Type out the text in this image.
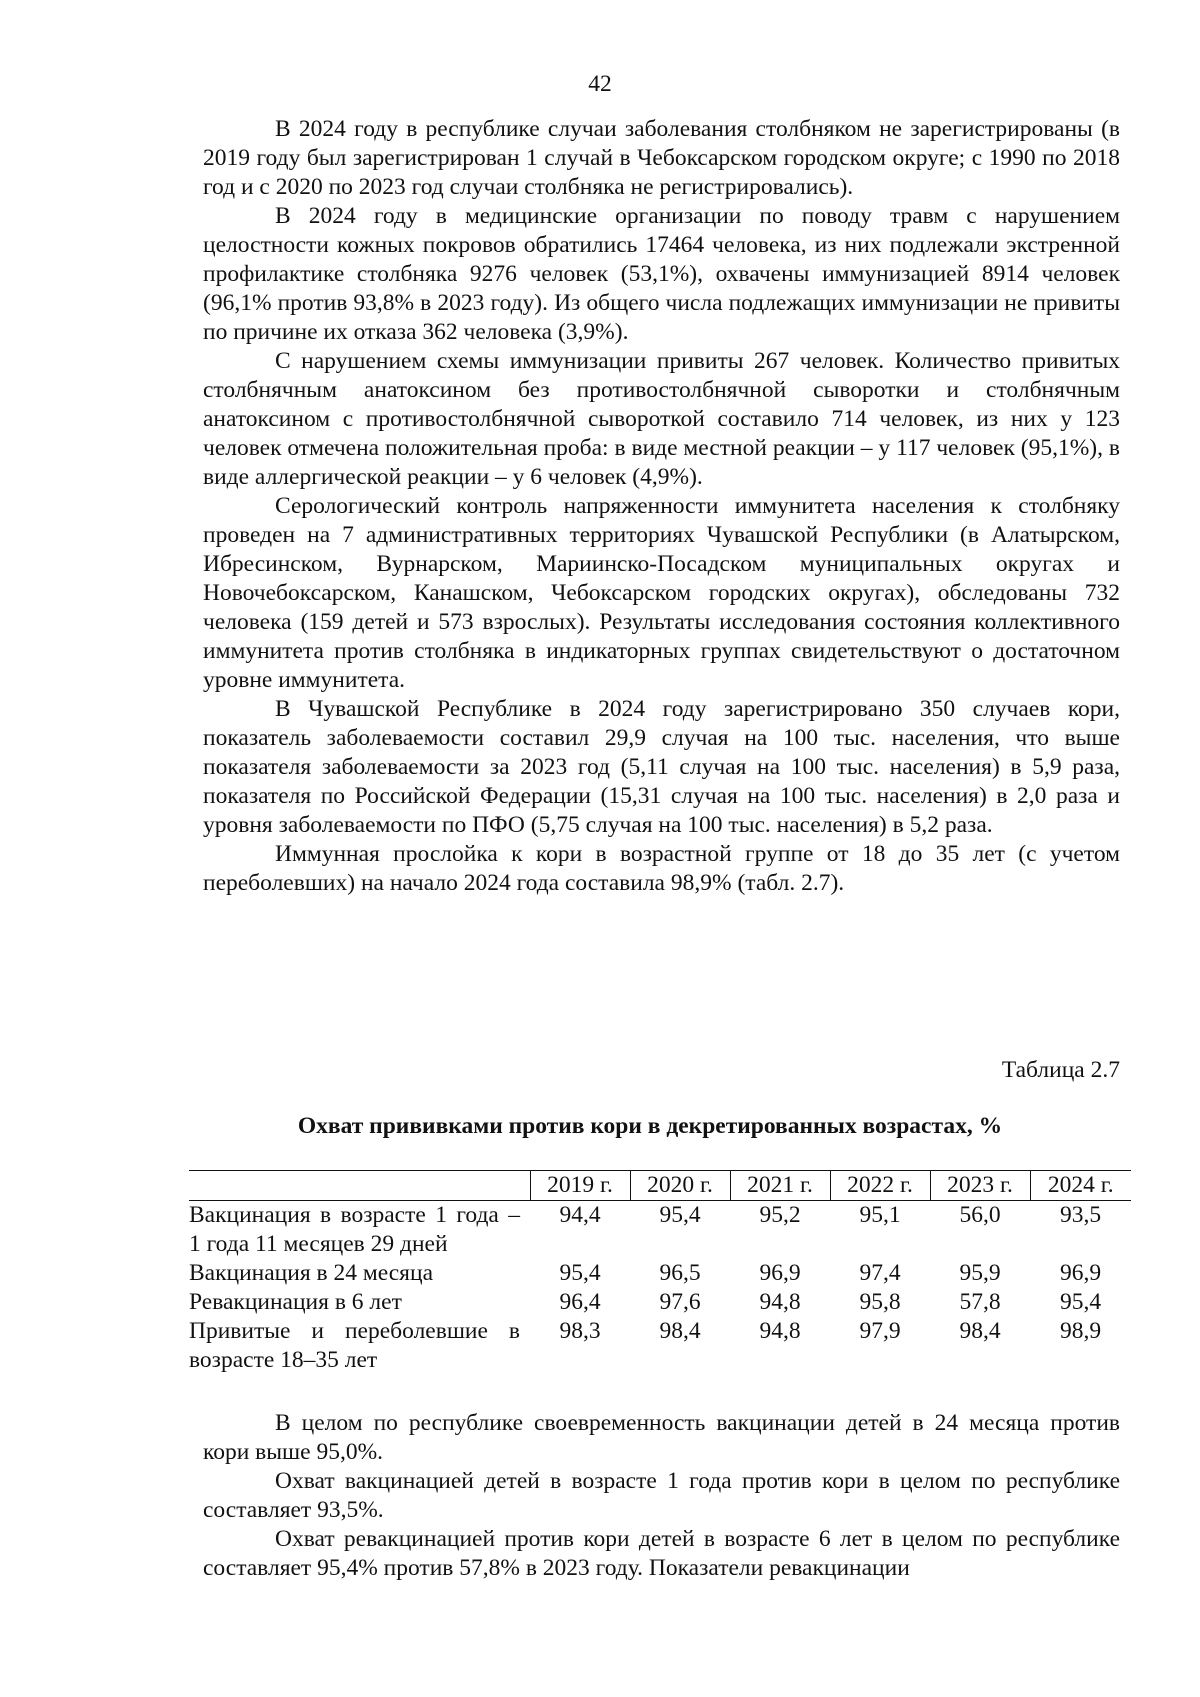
42

В 2024 году в республике случаи заболевания столбняком не зарегистрированы (в 2019 году был зарегистрирован 1 случай в Чебоксарском городском округе; с 1990 по 2018 год и с 2020 по 2023 год случаи столбняка не регистрировались).

В 2024 году в медицинские организации по поводу травм с нарушением целостности кожных покровов обратились 17464 человека, из них подлежали экстренной профилактике столбняка 9276 человек (53,1%), охвачены иммунизацией 8914 человек (96,1% против 93,8% в 2023 году). Из общего числа подлежащих иммунизации не привиты по причине их отказа 362 человека (3,9%).

С нарушением схемы иммунизации привиты 267 человек. Количество привитых столбнячным анатоксином без противостолбнячной сыворотки и столбнячным анатоксином с противостолбнячной сывороткой составило 714 человек, из них у 123 человек отмечена положительная проба: в виде местной реакции – у 117 человек (95,1%), в виде аллергической реакции – у 6 человек (4,9%).

Серологический контроль напряженности иммунитета населения к столбняку проведен на 7 административных территориях Чувашской Республики (в Алатырском, Ибресинском, Вурнарском, Мариинско-Посадском муниципальных округах и Новочебоксарском, Канашском, Чебоксарском городских округах), обследованы 732 человека (159 детей и 573 взрослых). Результаты исследования состояния коллективного иммунитета против столбняка в индикаторных группах свидетельствуют о достаточном уровне иммунитета.

В Чувашской Республике в 2024 году зарегистрировано 350 случаев кори, показатель заболеваемости составил 29,9 случая на 100 тыс. населения, что выше показателя заболеваемости за 2023 год (5,11 случая на 100 тыс. населения) в 5,9 раза, показателя по Российской Федерации (15,31 случая на 100 тыс. населения) в 2,0 раза и уровня заболеваемости по ПФО (5,75 случая на 100 тыс. населения) в 5,2 раза.

Иммунная прослойка к кори в возрастной группе от 18 до 35 лет (с учетом переболевших) на начало 2024 года составила 98,9% (табл. 2.7).

Таблица 2.7
Охват прививками против кори в декретированных возрастах, %
	2019 г.	2020 г.	2021 г.	2022 г.	2023 г.	2024 г.
Вакцинация в возрасте 1 года – 1 года 11 месяцев 29 дней	94,4	95,4	95,2	95,1	56,0	93,5
Вакцинация в 24 месяца	95,4	96,5	96,9	97,4	95,9	96,9
Ревакцинация в 6 лет	96,4	97,6	94,8	95,8	57,8	95,4
Привитые и переболевшие в возрасте 18–35 лет	98,3	98,4	94,8	97,9	98,4	98,9

В целом по республике своевременность вакцинации детей в 24 месяца против кори выше 95,0%.

Охват вакцинацией детей в возрасте 1 года против кори в целом по республике составляет 93,5%.

Охват ревакцинацией против кори детей в возрасте 6 лет в целом по республике составляет 95,4% против 57,8% в 2023 году. Показатели ревакцинации
